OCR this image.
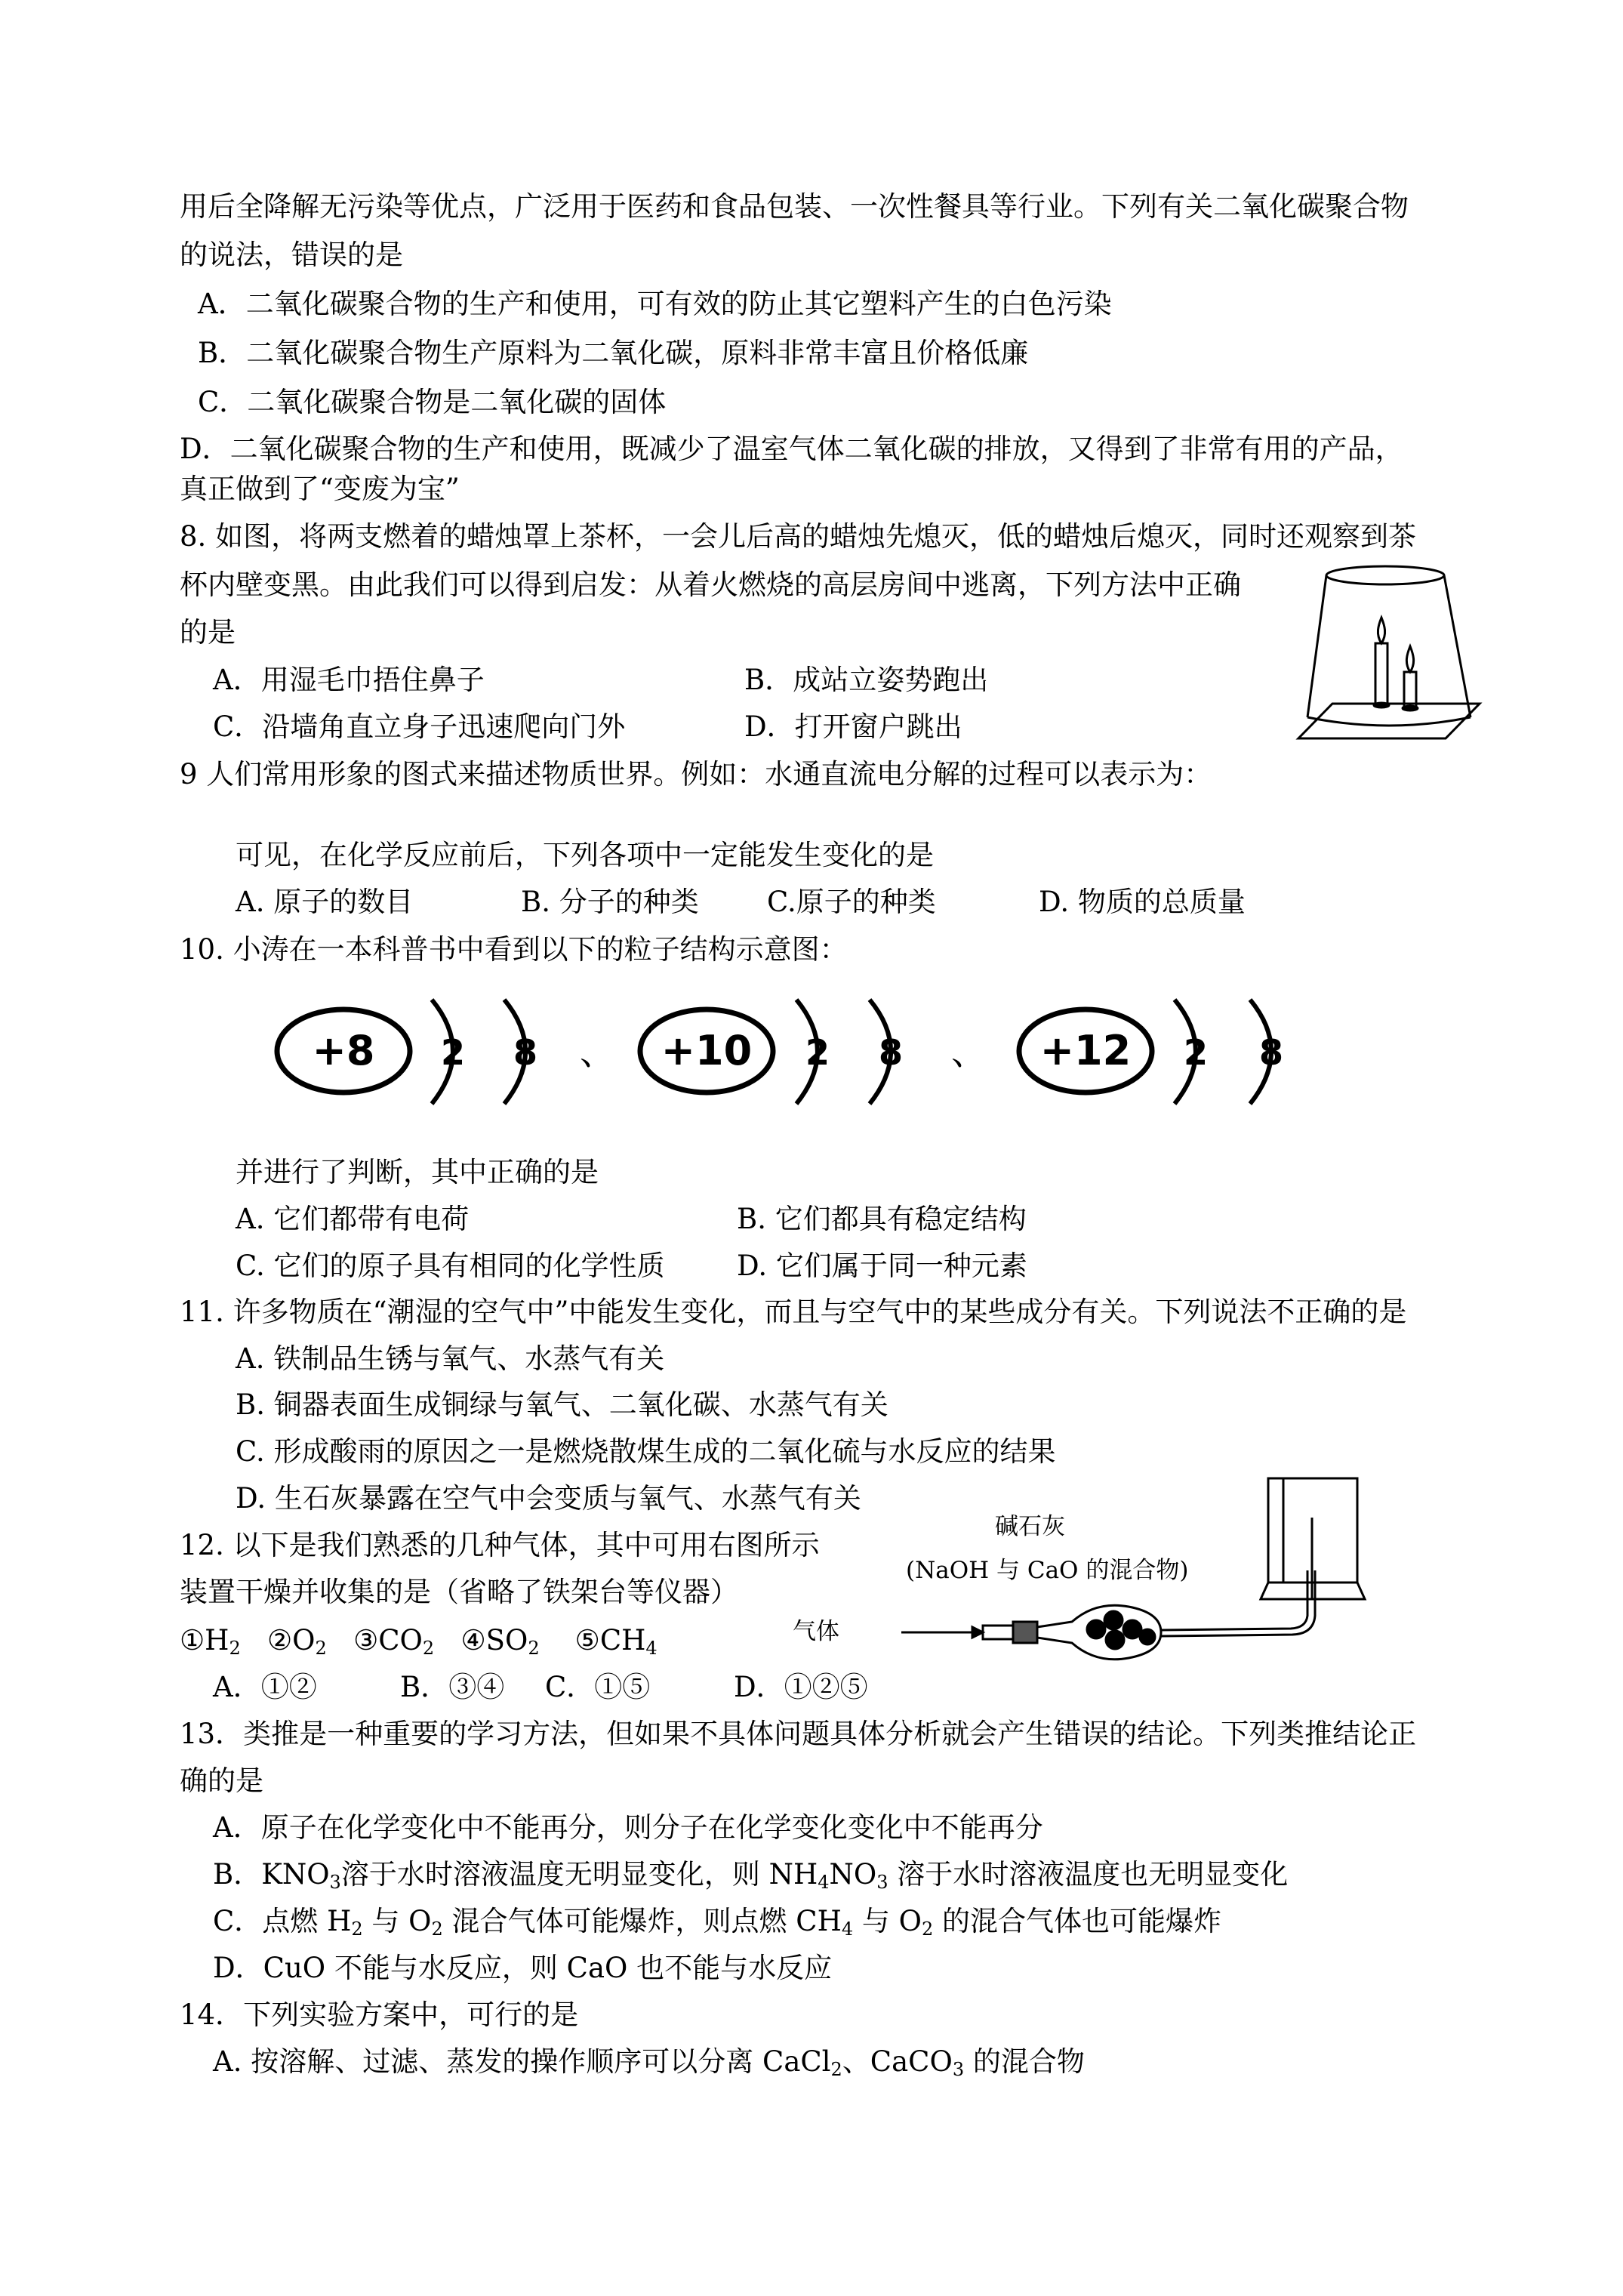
用后全降解无污染等优点，广泛用于医药和食品包装、一次性餐具等行业。下列有关二氧化碳聚合物
的说法，错误的是
A．二氧化碳聚合物的生产和使用，可有效的防止其它塑料产生的白色污染
B．二氧化碳聚合物生产原料为二氧化碳，原料非常丰富且价格低廉
C．二氧化碳聚合物是二氧化碳的固体
D．二氧化碳聚合物的生产和使用，既减少了温室气体二氧化碳的排放，又得到了非常有用的产品，
真正做到了“变废为宝”
8. 如图，将两支燃着的蜡烛罩上茶杯，一会儿后高的蜡烛先熄灭，低的蜡烛后熄灭，同时还观察到茶
杯内壁变黑。由此我们可以得到启发：从着火燃烧的高层房间中逃离，下列方法中正确
的是
A．用湿毛巾捂住鼻子	B．成站立姿势跑出
C．沿墙角直立身子迅速爬向门外	D．打开窗户跳出
9 人们常用形象的图式来描述物质世界。例如：水通直流电分解的过程可以表示为：
可见，在化学反应前后，下列各项中一定能发生变化的是
A. 原子的数目	B. 分子的种类 C.原子的种类	D. 物质的总质量
10. 小涛在一本科普书中看到以下的粒子结构示意图：
+8 2 8 、 +10 2 8 、 +12 2 8
并进行了判断，其中正确的是
A. 它们都带有电荷	B. 它们都具有稳定结构
C. 它们的原子具有相同的化学性质	D. 它们属于同一种元素
11. 许多物质在“潮湿的空气中”中能发生变化，而且与空气中的某些成分有关。下列说法不正确的是
A. 铁制品生锈与氧气、水蒸气有关
B. 铜器表面生成铜绿与氧气、二氧化碳、水蒸气有关
C. 形成酸雨的原因之一是燃烧散煤生成的二氧化硫与水反应的结果
D. 生石灰暴露在空气中会变质与氧气、水蒸气有关
12. 以下是我们熟悉的几种气体，其中可用右图所示
装置干燥并收集的是（省略了铁架台等仪器）
$①H_2$   $②O_2$   $③CO_2$   $④SO_2$    $⑤CH_4$
A．①②	B．③④ C．①⑤	D．①②⑤
碱石灰
(NaOH 与 CaO 的混合物)
气体
13．类推是一种重要的学习方法，但如果不具体问题具体分析就会产生错误的结论。下列类推结论正
确的是
A．原子在化学变化中不能再分，则分子在化学变化变化中不能再分
B．$KNO_3$溶于水时溶液温度无明显变化，则 $NH_4NO_3$ 溶于水时溶液温度也无明显变化
C．点燃 $H_2$ 与 $O_2$ 混合气体可能爆炸，则点燃 $CH_4$ 与 $O_2$ 的混合气体也可能爆炸
D．CuO 不能与水反应，则 CaO 也不能与水反应
14．下列实验方案中，可行的是
A. 按溶解、过滤、蒸发的操作顺序可以分离 CaCl$_2$、CaCO$_3$ 的混合物
